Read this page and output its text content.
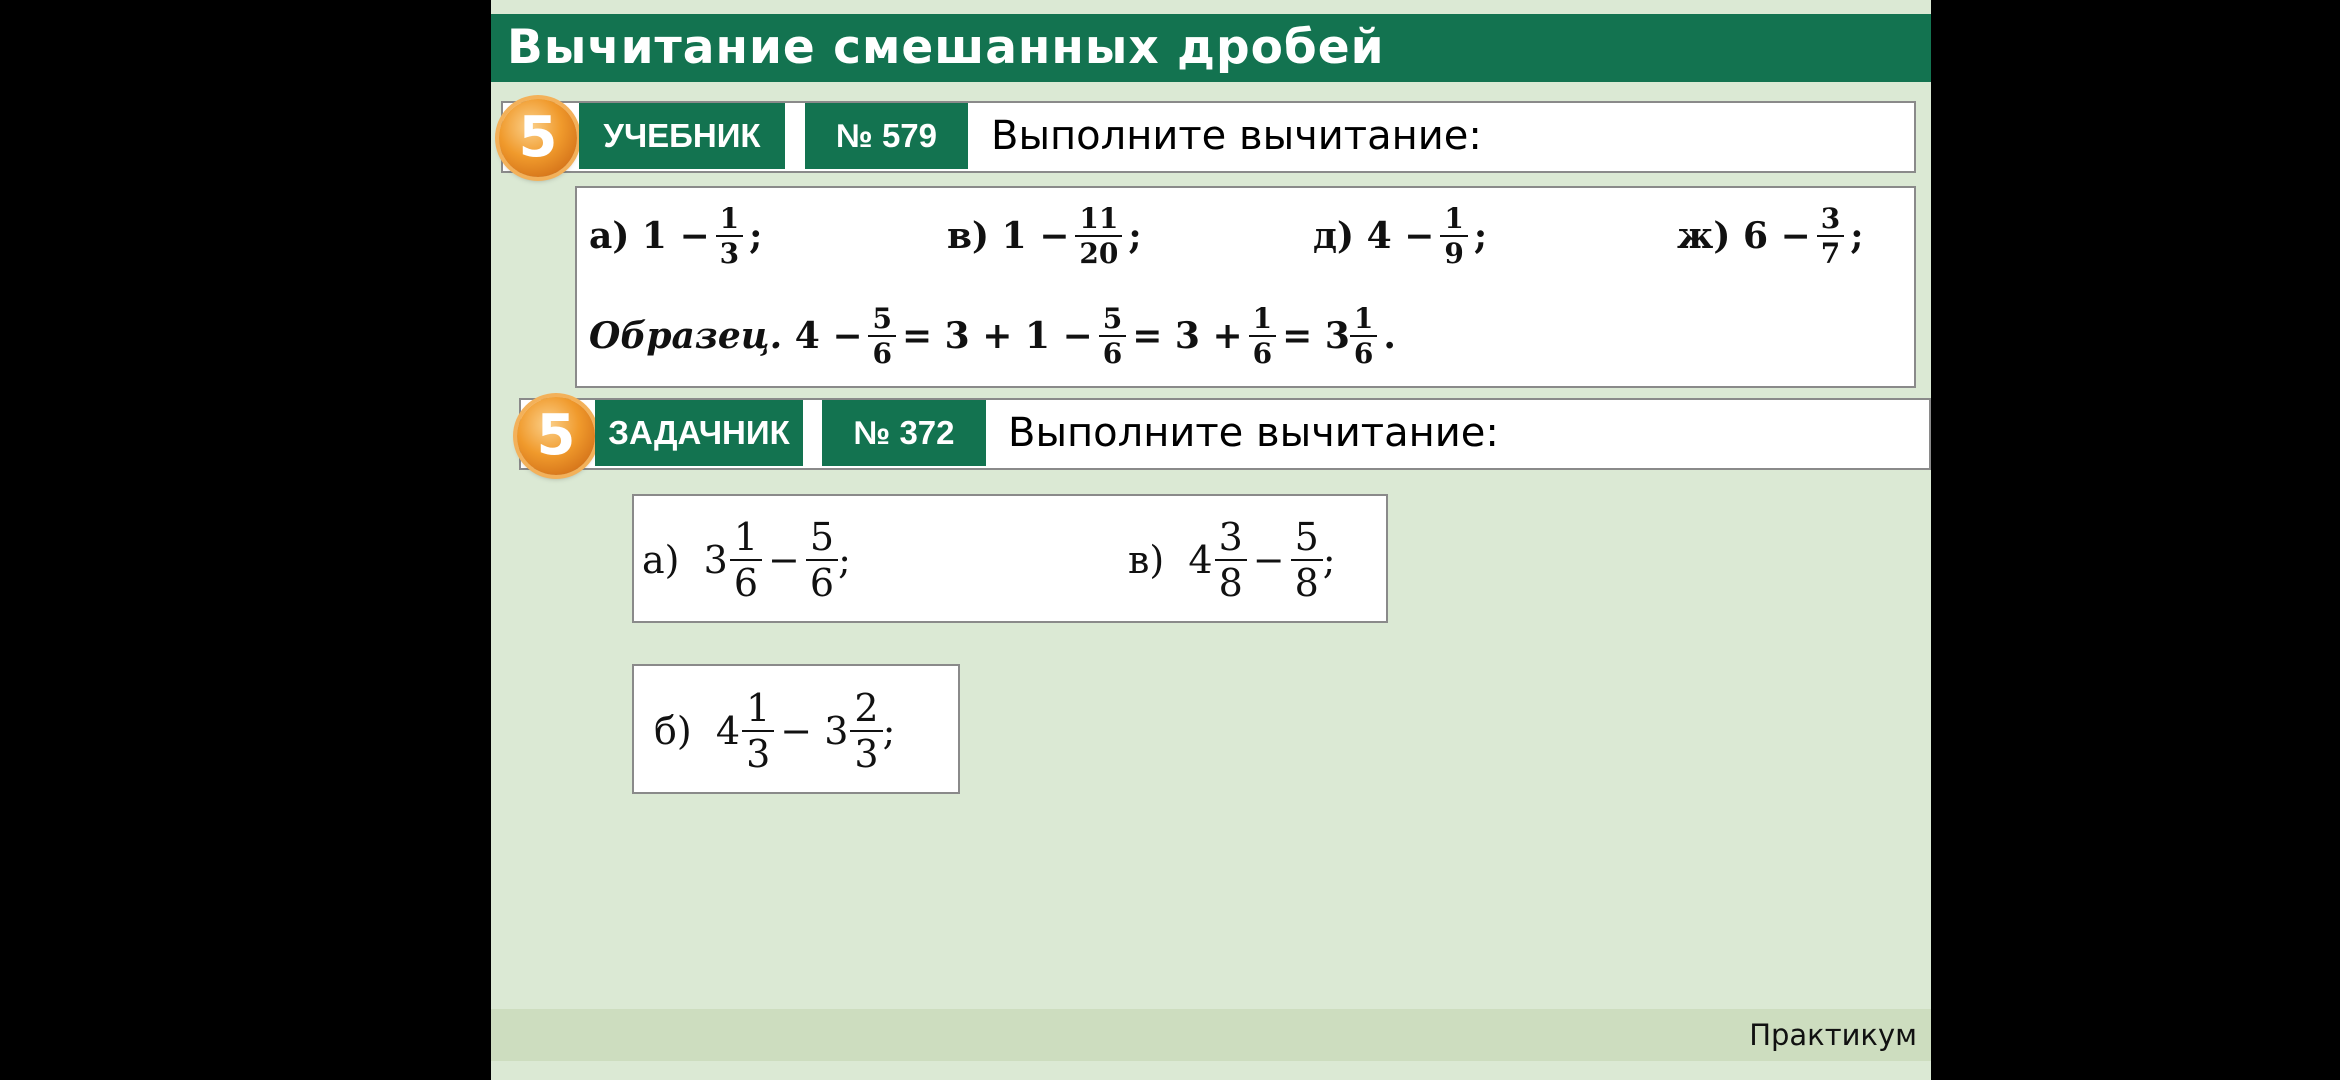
Вычитание смешанных дробей
5	УЧЕБНИК	№ 579	Выполните вычитание:
а)
$1 - \frac{1}{3}$ ;	в)
$1 - \frac{11}{20}$ ;	д)
$4 - \frac{1}{9}$ ;	ж)
$6 - \frac{3}{7}$ ;
Образец.
$4 - \frac{5}{6} = 3 + 1 - \frac{5}{6} = 3 + \frac{1}{6} = 3 \frac{1}{6}$ .
5 ЗАДАЧНИК	№ 372	Выполните вычитание:
а)
$3 \frac{1}{6} - \frac{5}{6}$ ;	в)
$4 \frac{3}{8} - \frac{5}{8}$ ;
б)
$4 \frac{1}{3}$ −
$3 \frac{2}{3}$ ;
Практикум
